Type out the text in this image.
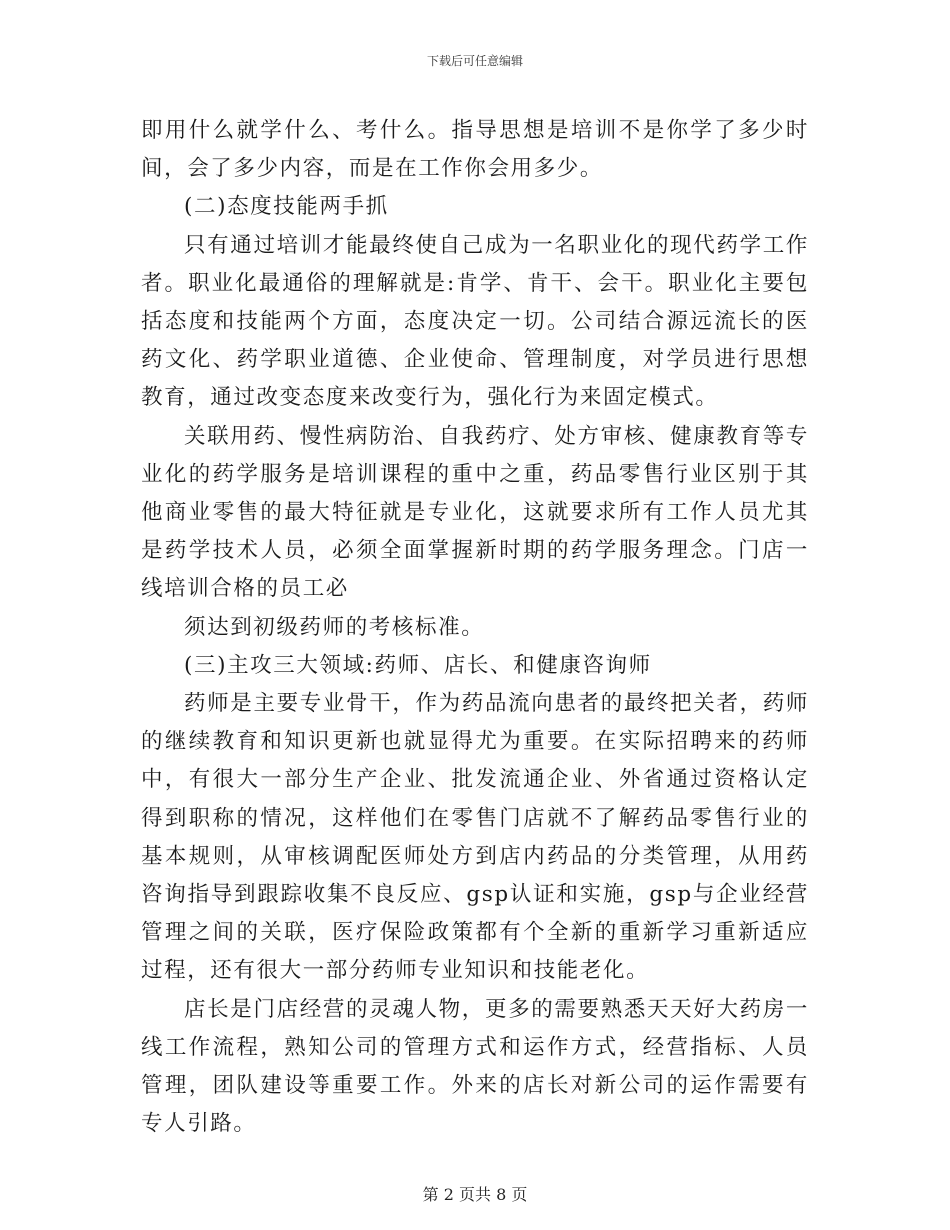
下载后可任意编辑

即用什么就学什么、考什么。指导思想是培训不是你学了多少时间，会了多少内容，而是在工作你会用多少。

(二)态度技能两手抓

只有通过培训才能最终使自己成为一名职业化的现代药学工作者。职业化最通俗的理解就是:肯学、肯干、会干。职业化主要包括态度和技能两个方面，态度决定一切。公司结合源远流长的医药文化、药学职业道德、企业使命、管理制度，对学员进行思想教育，通过改变态度来改变行为，强化行为来固定模式。

关联用药、慢性病防治、自我药疗、处方审核、健康教育等专业化的药学服务是培训课程的重中之重，药品零售行业区别于其他商业零售的最大特征就是专业化，这就要求所有工作人员尤其是药学技术人员，必须全面掌握新时期的药学服务理念。门店一线培训合格的员工必

须达到初级药师的考核标准。

(三)主攻三大领域:药师、店长、和健康咨询师

药师是主要专业骨干，作为药品流向患者的最终把关者，药师的继续教育和知识更新也就显得尤为重要。在实际招聘来的药师中，有很大一部分生产企业、批发流通企业、外省通过资格认定得到职称的情况，这样他们在零售门店就不了解药品零售行业的基本规则，从审核调配医师处方到店内药品的分类管理，从用药咨询指导到跟踪收集不良反应、gsp认证和实施，gsp与企业经营管理之间的关联，医疗保险政策都有个全新的重新学习重新适应过程，还有很大一部分药师专业知识和技能老化。

店长是门店经营的灵魂人物，更多的需要熟悉天天好大药房一线工作流程，熟知公司的管理方式和运作方式，经营指标、人员管理，团队建设等重要工作。外来的店长对新公司的运作需要有专人引路。

第 2 页共 8 页
